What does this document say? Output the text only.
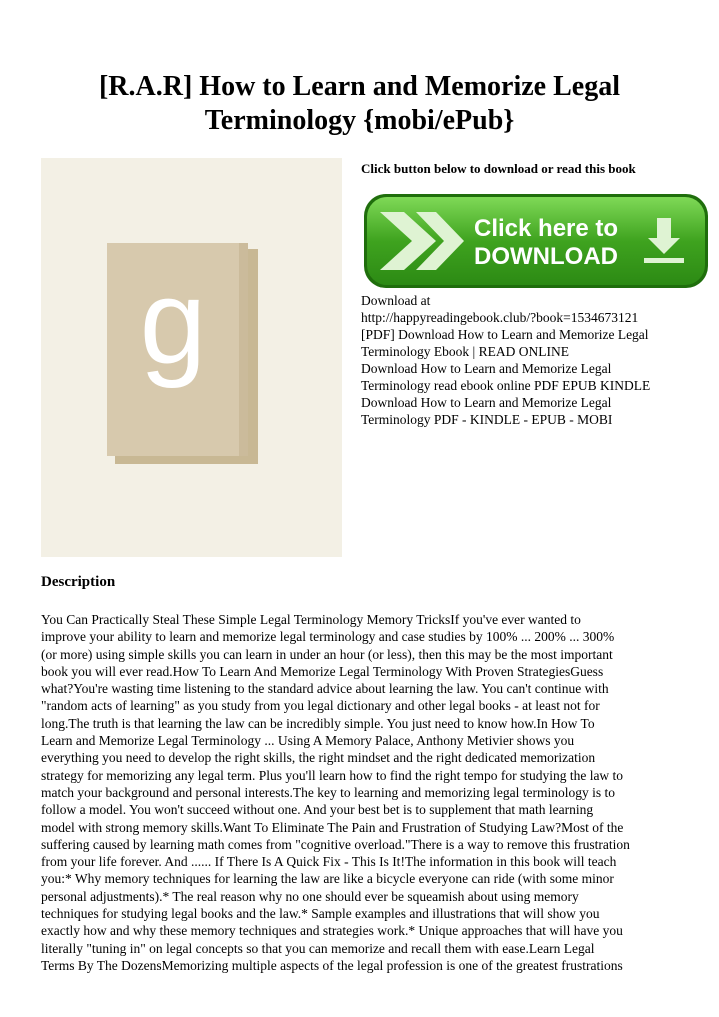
[R.A.R] How to Learn and Memorize Legal
Terminology {mobi/ePub}
g
Click button below to download or read this book
Click here to
DOWNLOAD
Download at
http://happyreadingebook.club/?book=1534673121
[PDF] Download How to Learn and Memorize Legal
Terminology Ebook | READ ONLINE
Download How to Learn and Memorize Legal
Terminology read ebook online PDF EPUB KINDLE
Download How to Learn and Memorize Legal
Terminology PDF - KINDLE - EPUB - MOBI
Description
You Can Practically Steal These Simple Legal Terminology Memory TricksIf you've ever wanted to
improve your ability to learn and memorize legal terminology and case studies by 100% ... 200% ... 300%
(or more) using simple skills you can learn in under an hour (or less), then this may be the most important
book you will ever read.How To Learn And Memorize Legal Terminology With Proven StrategiesGuess
what?You're wasting time listening to the standard advice about learning the law. You can't continue with
"random acts of learning" as you study from you legal dictionary and other legal books - at least not for
long.The truth is that learning the law can be incredibly simple. You just need to know how.In How To
Learn and Memorize Legal Terminology ... Using A Memory Palace, Anthony Metivier shows you
everything you need to develop the right skills, the right mindset and the right dedicated memorization
strategy for memorizing any legal term. Plus you'll learn how to find the right tempo for studying the law to
match your background and personal interests.The key to learning and memorizing legal terminology is to
follow a model. You won't succeed without one. And your best bet is to supplement that math learning
model with strong memory skills.Want To Eliminate The Pain and Frustration of Studying Law?Most of the
suffering caused by learning math comes from "cognitive overload."There is a way to remove this frustration
from your life forever. And ...... If There Is A Quick Fix - This Is It!The information in this book will teach
you:* Why memory techniques for learning the law are like a bicycle everyone can ride (with some minor
personal adjustments).* The real reason why no one should ever be squeamish about using memory
techniques for studying legal books and the law.* Sample examples and illustrations that will show you
exactly how and why these memory techniques and strategies work.* Unique approaches that will have you
literally "tuning in" on legal concepts so that you can memorize and recall them with ease.Learn Legal
Terms By The DozensMemorizing multiple aspects of the legal profession is one of the greatest frustrations
